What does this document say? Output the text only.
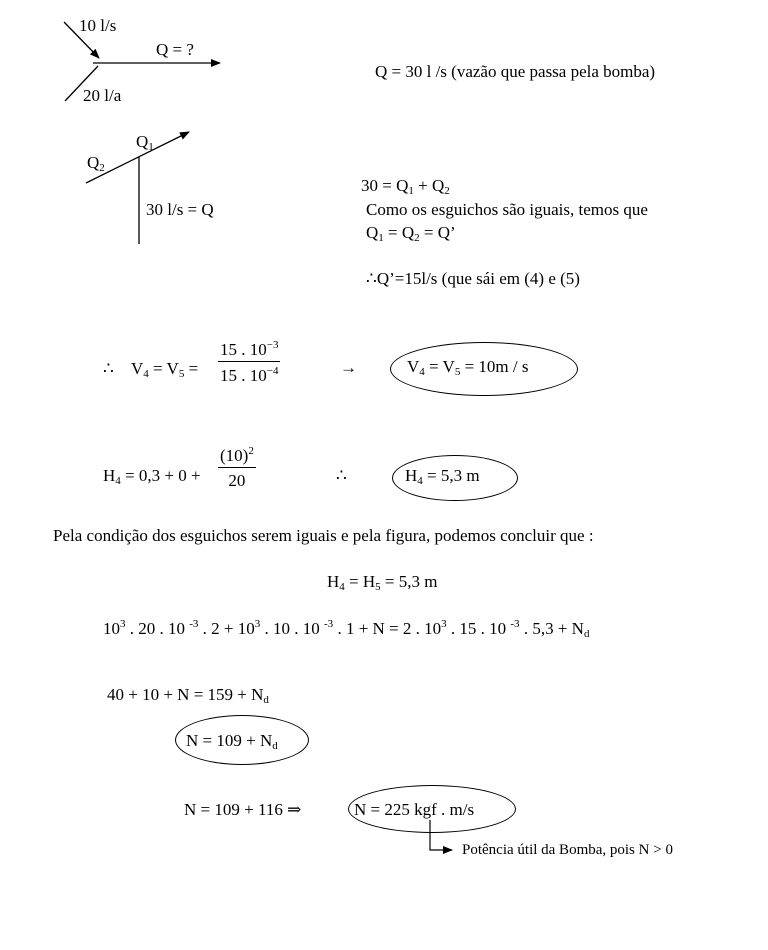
10 l/s
Q = ?
20 l/a
Q = 30 l /s (vazão que passa pela bomba)
$Q_1$
$Q_2$
30 l/s = Q
$30 = Q_1 + Q_2$
Como os esguichos são iguais, temos que
$Q_1 = Q_2 = Q$’
∴Q’=15l/s (que sái em (4) e (5)
∴ $V_4 = V_5 = \frac{15 . 10^{-3}}{15 . 10^{-4}}$	→	$V_4 = V_5 = 10m / s$
$H_4 = 0,3 + 0 + \frac{(10)^2}{20}$	∴	$H_4 = 5,3$ m
Pela condição dos esguichos serem iguais e pela figura, podemos concluir que :
$H_4 = H_5 = 5,3$ m
$10^3$ . 20 . 10 $^{-3}$ . $2 + 10^3$ . 10 . 10 $^{-3}$ . 1 + N = 2 . $10^3$ . 15 . 10 $^{-3}$ . $5,3 + N_d$
$40 + 10 + N = 159 + N_d$
$N = 109 + N_d$
N = 109 + 116 ⇒	N = 225 kgf . m/s
Potência útil da Bomba, pois N > 0
